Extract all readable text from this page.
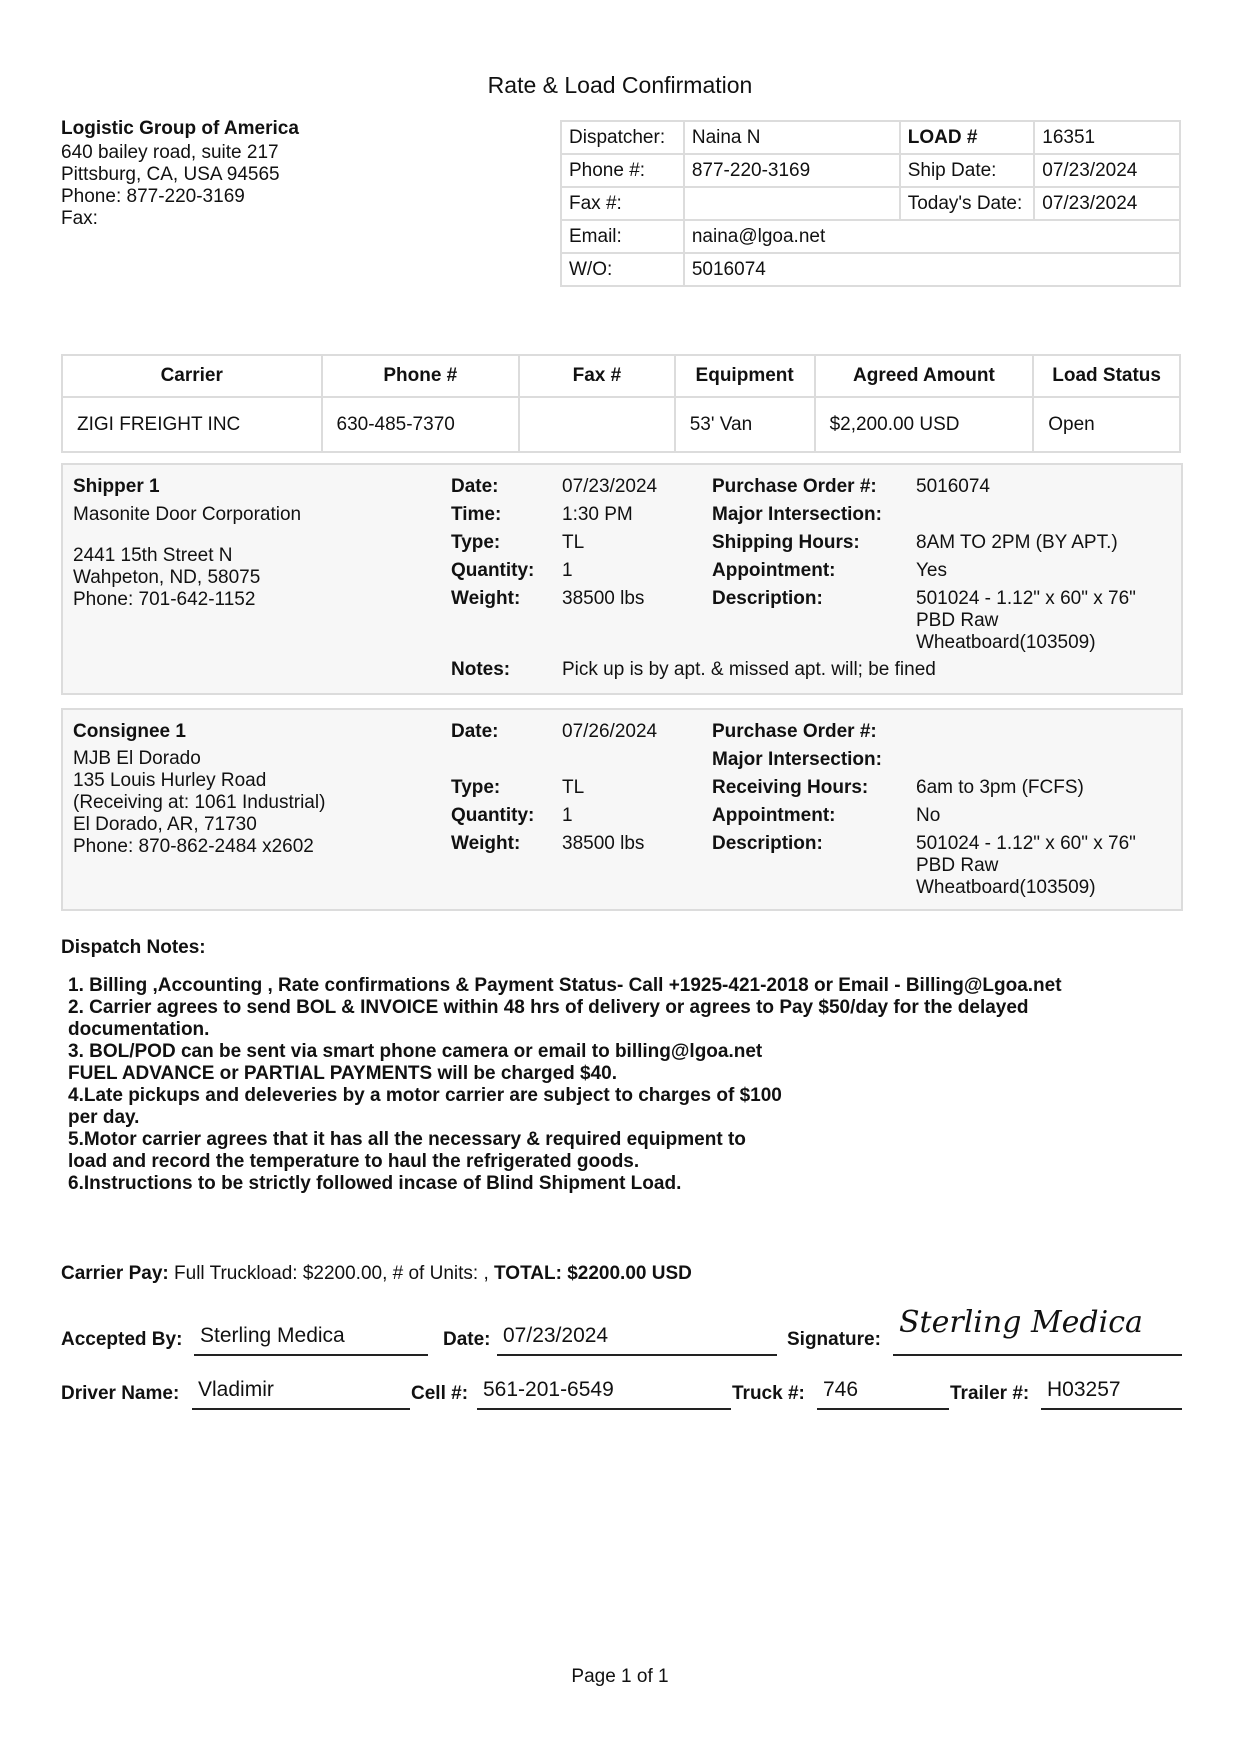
Rate & Load Confirmation
Logistic Group of America
640 bailey road, suite 217
Pittsburg, CA, USA 94565
Phone: 877-220-3169
Fax:
Dispatcher:	Naina N	LOAD #	16351
Phone #:	877-220-3169	Ship Date:	07/23/2024
Fax #:		Today's Date:	07/23/2024
Email:	naina@lgoa.net		
W/O:	5016074		
Carrier	Phone #	Fax #	Equipment	Agreed Amount	Load Status
ZIGI FREIGHT INC	630-485-7370		53' Van	$2,200.00 USD	Open
Shipper 1
Masonite Door Corporation
2441 15th Street N
Wahpeton, ND, 58075
Phone: 701-642-1152
Date:	07/23/2024
Time:	1:30 PM
Type:	TL
Quantity: 1
Weight: 38500 lbs
Purchase Order #: 5016074
Major Intersection:
Shipping Hours:	8AM TO 2PM (BY APT.)
Appointment:	Yes
Description:	501024 - 1.12" x 60" x 76"
PBD Raw
Wheatboard(103509)
Notes:	Pick up is by apt. & missed apt. will; be fined
Consignee 1
MJB El Dorado
135 Louis Hurley Road
(Receiving at: 1061 Industrial)
El Dorado, AR, 71730
Phone: 870-862-2484 x2602
Date:	07/26/2024
Type:	TL
Quantity: 1
Weight: 38500 lbs
Purchase Order #:
Major Intersection:
Receiving Hours:	6am to 3pm (FCFS)
Appointment:	No
Description:	501024 - 1.12" x 60" x 76"
PBD Raw
Wheatboard(103509)
Dispatch Notes:
1. Billing ,Accounting , Rate confirmations & Payment Status- Call +1925-421-2018 or Email - Billing@Lgoa.net
2. Carrier agrees to send BOL & INVOICE within 48 hrs of delivery or agrees to Pay $50/day for the delayed
documentation.
3. BOL/POD can be sent via smart phone camera or email to billing@lgoa.net
FUEL ADVANCE or PARTIAL PAYMENTS will be charged $40.
4.Late pickups and deleveries by a motor carrier are subject to charges of $100
per day.
5.Motor carrier agrees that it has all the necessary & required equipment to
load and record the temperature to haul the refrigerated goods.
6.Instructions to be strictly followed incase of Blind Shipment Load.
Carrier Pay: Full Truckload: $2200.00, # of Units: , TOTAL: $2200.00 USD
Accepted By: Sterling Medica	Date: 07/23/2024	Signature: Sterling Medica
Driver Name: Vladimir	Cell #: 561-201-6549	Truck #: 746	Trailer #: H03257
Page 1 of 1
